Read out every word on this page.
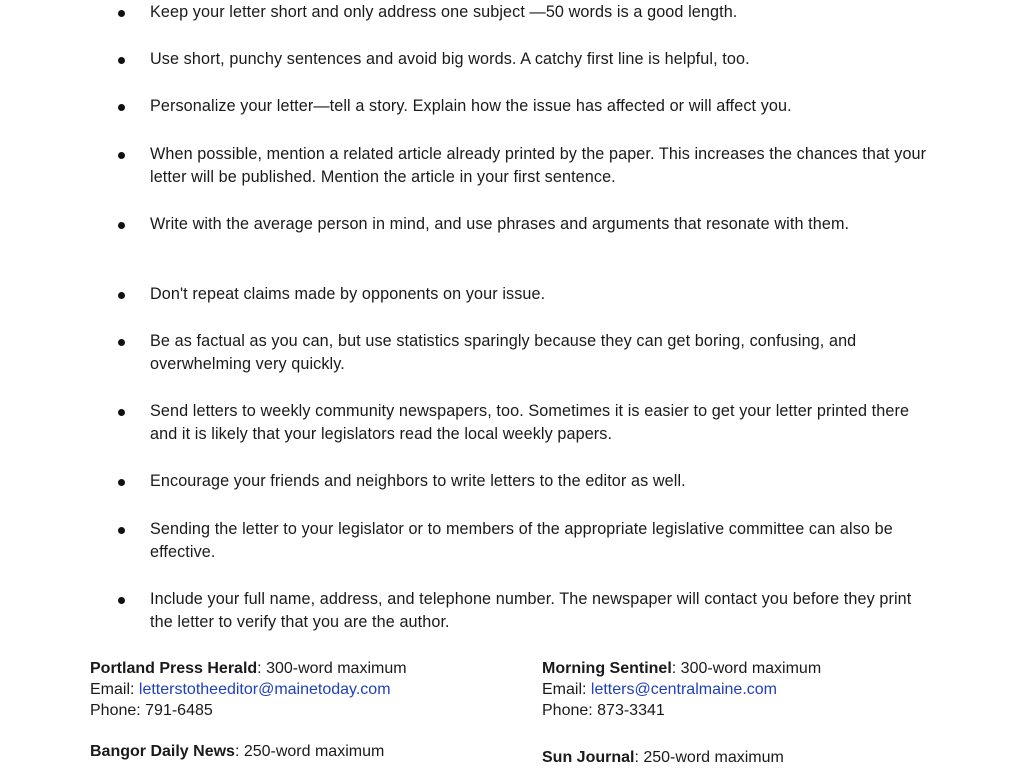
Keep your letter short and only address one subject —50 words is a good length.
Use short, punchy sentences and avoid big words. A catchy first line is helpful, too.
Personalize your letter—tell a story. Explain how the issue has affected or will affect you.
When possible, mention a related article already printed by the paper. This increases the chances that your letter will be published. Mention the article in your first sentence.
Write with the average person in mind, and use phrases and arguments that resonate with them.
Don't repeat claims made by opponents on your issue.
Be as factual as you can, but use statistics sparingly because they can get boring, confusing, and overwhelming very quickly.
Send letters to weekly community newspapers, too. Sometimes it is easier to get your letter printed there and it is likely that your legislators read the local weekly papers.
Encourage your friends and neighbors to write letters to the editor as well.
Sending the letter to your legislator or to members of the appropriate legislative committee can also be effective.
Include your full name, address, and telephone number. The newspaper will contact you before they print the letter to verify that you are the author.
Portland Press Herald: 300-word maximum
Email: letterstotheeditor@mainetoday.com
Phone: 791-6485
Morning Sentinel: 300-word maximum
Email: letters@centralmaine.com
Phone: 873-3341
Bangor Daily News: 250-word maximum	Sun Journal: 250-word maximum
